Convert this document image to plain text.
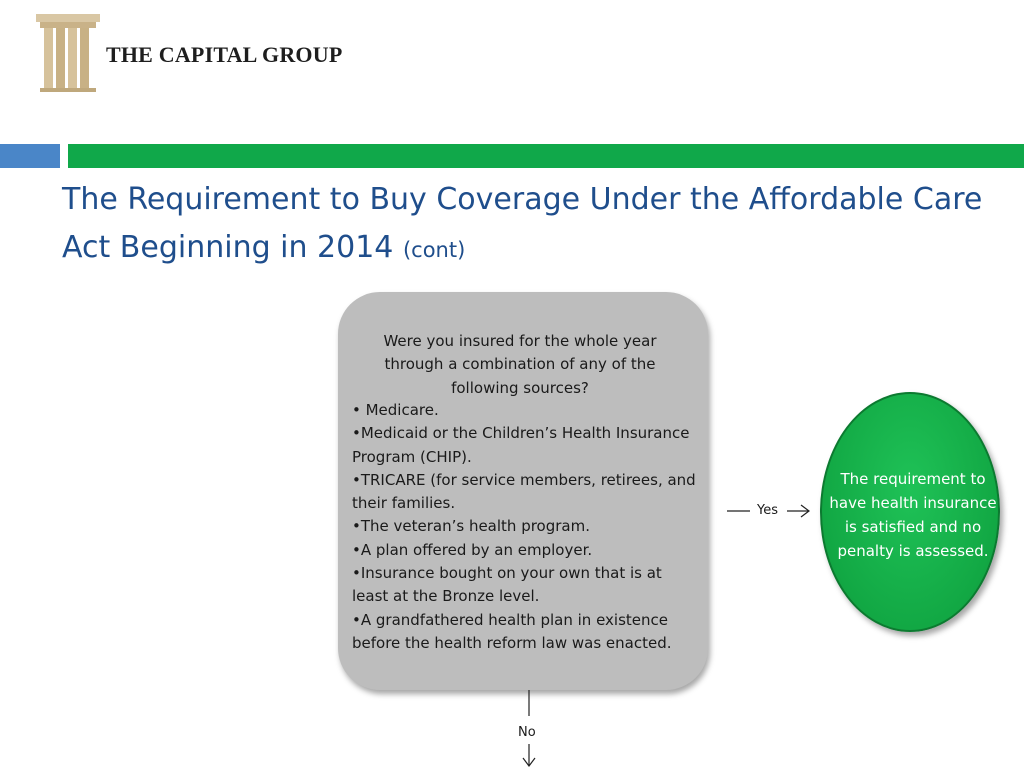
THE CAPITAL GROUP
The Requirement to Buy Coverage Under the Affordable Care Act Beginning in 2014 (cont)
Were you insured for the whole year through a combination of any of the following sources?
• Medicare.
•Medicaid or the Children’s Health Insurance Program (CHIP).
•TRICARE (for service members, retirees, and their families.
•The veteran’s health program.
•A plan offered by an employer.
•Insurance bought on your own that is at least at the Bronze level.
•A grandfathered health plan in existence before the health reform law was enacted.
Yes
No
The requirement to have health insurance is satisfied and no penalty is assessed.
